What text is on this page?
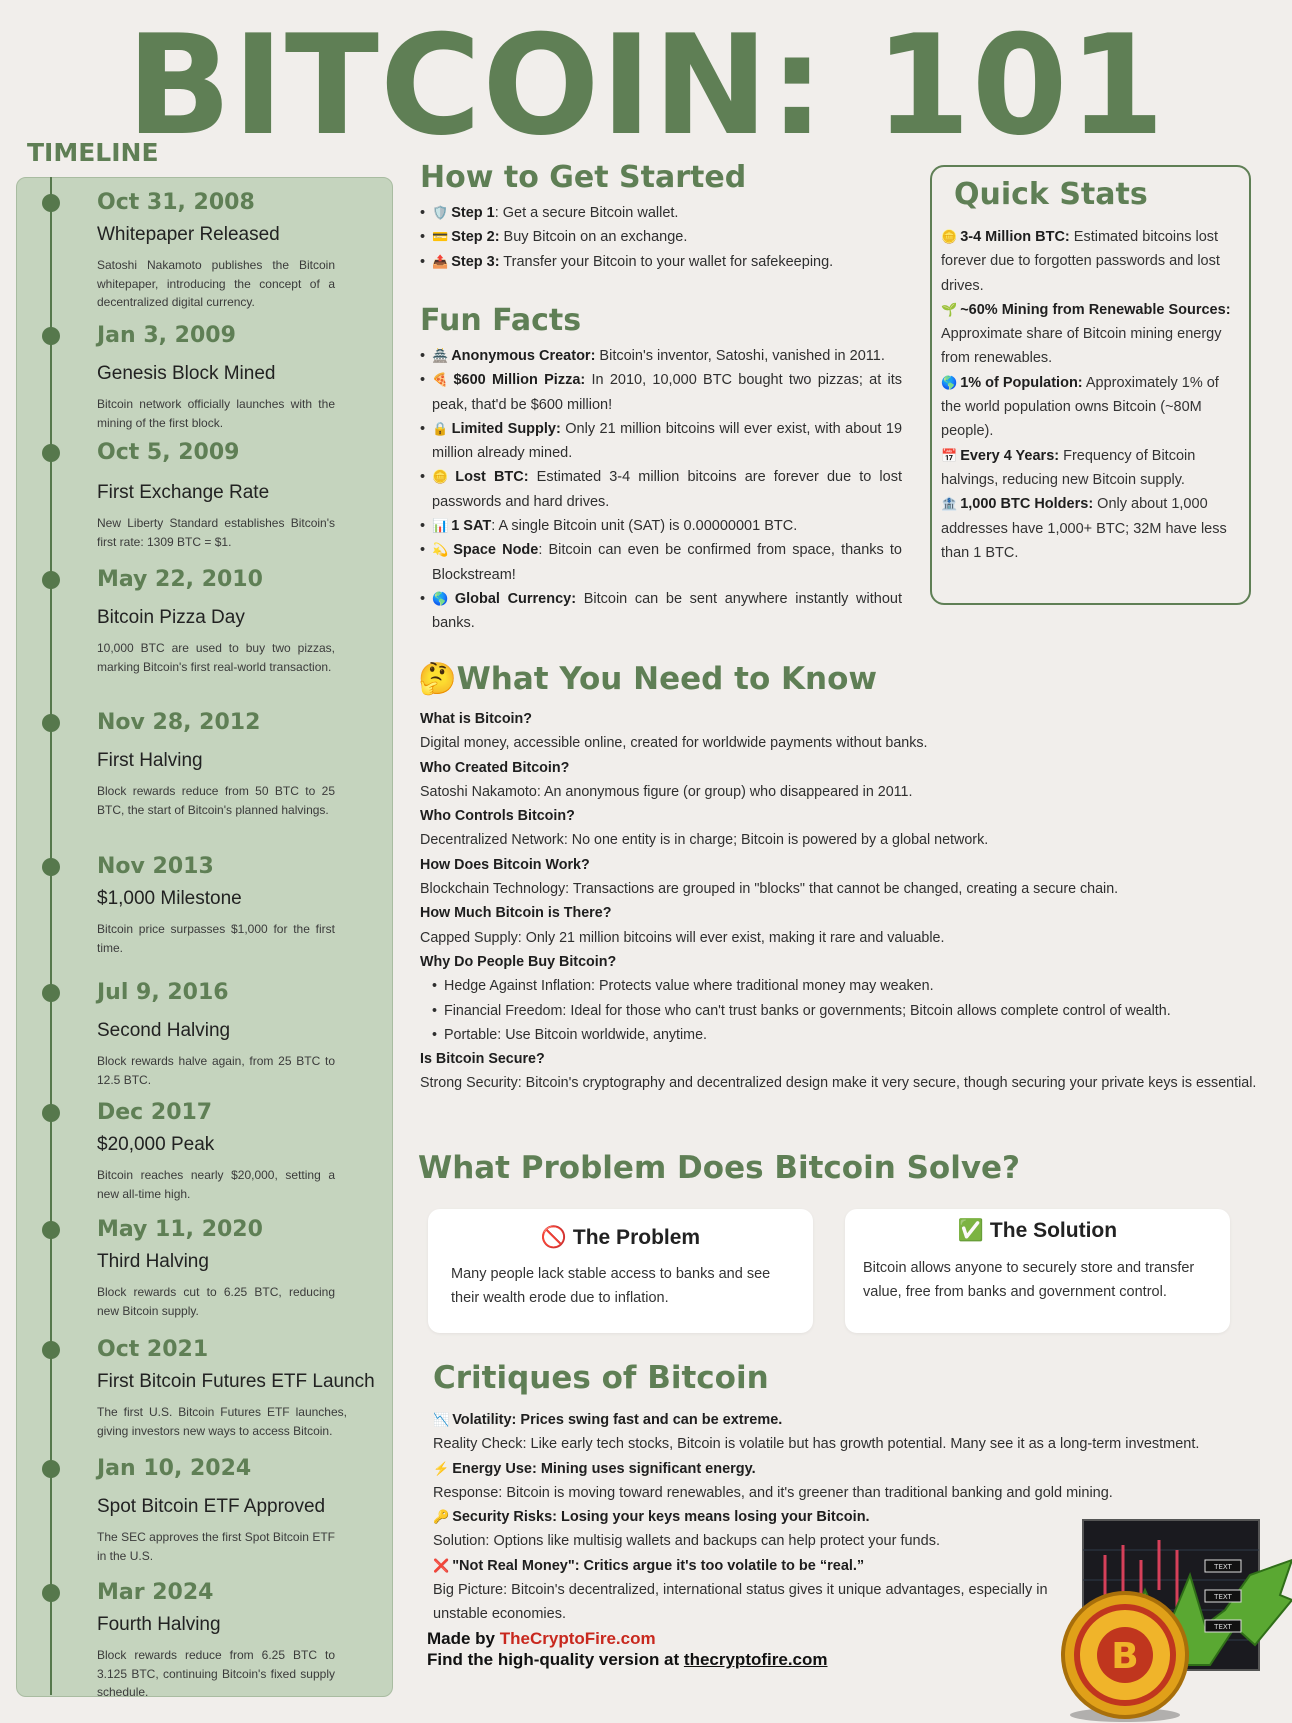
BITCOIN: 101
TIMELINE
Oct 31, 2008
Whitepaper Released
Satoshi Nakamoto publishes the Bitcoin whitepaper, introducing the concept of a decentralized digital currency.
Jan 3, 2009
Genesis Block Mined
Bitcoin network officially launches with the mining of the first block.
Oct 5, 2009
First Exchange Rate
New Liberty Standard establishes Bitcoin's first rate: 1309 BTC = $1.
May 22, 2010
Bitcoin Pizza Day
10,000 BTC are used to buy two pizzas, marking Bitcoin's first real-world transaction.
Nov 28, 2012
First Halving
Block rewards reduce from 50 BTC to 25 BTC, the start of Bitcoin's planned halvings.
Nov 2013
$1,000 Milestone
Bitcoin price surpasses $1,000 for the first time.
Jul 9, 2016
Second Halving
Block rewards halve again, from 25 BTC to 12.5 BTC.
Dec 2017
$20,000 Peak
Bitcoin reaches nearly $20,000, setting a new all-time high.
May 11, 2020
Third Halving
Block rewards cut to 6.25 BTC, reducing new Bitcoin supply.
Oct 2021
First Bitcoin Futures ETF Launch
The first U.S. Bitcoin Futures ETF launches, giving investors new ways to access Bitcoin.
Jan 10, 2024
Spot Bitcoin ETF Approved
The SEC approves the first Spot Bitcoin ETF in the U.S.
Mar 2024
Fourth Halving
Block rewards reduce from 6.25 BTC to 3.125 BTC, continuing Bitcoin's fixed supply schedule.
How to Get Started
• 🛡️ Step 1: Get a secure Bitcoin wallet.
• 💳 Step 2: Buy Bitcoin on an exchange.
• 📤 Step 3: Transfer your Bitcoin to your wallet for safekeeping.
Fun Facts
• 🏯 Anonymous Creator: Bitcoin's inventor, Satoshi, vanished in 2011.
• 🍕 $600 Million Pizza: In 2010, 10,000 BTC bought two pizzas; at its peak, that'd be $600 million!
• 🔒 Limited Supply: Only 21 million bitcoins will ever exist, with about 19 million already mined.
• 🪙 Lost BTC: Estimated 3-4 million bitcoins are forever due to lost passwords and hard drives.
• 📊 1 SAT: A single Bitcoin unit (SAT) is 0.00000001 BTC.
• 💫 Space Node: Bitcoin can even be confirmed from space, thanks to Blockstream!
• 🌎 Global Currency: Bitcoin can be sent anywhere instantly without banks.
Quick Stats
🪙 3-4 Million BTC: Estimated bitcoins lost forever due to forgotten passwords and lost drives.
🌱 ~60% Mining from Renewable Sources: Approximate share of Bitcoin mining energy from renewables.
🌎 1% of Population: Approximately 1% of the world population owns Bitcoin (~80M people).
📅 Every 4 Years: Frequency of Bitcoin halvings, reducing new Bitcoin supply.
🏦 1,000 BTC Holders: Only about 1,000 addresses have 1,000+ BTC; 32M have less than 1 BTC.
🤔What You Need to Know
What is Bitcoin?
Digital money, accessible online, created for worldwide payments without banks.
Who Created Bitcoin?
Satoshi Nakamoto: An anonymous figure (or group) who disappeared in 2011.
Who Controls Bitcoin?
Decentralized Network: No one entity is in charge; Bitcoin is powered by a global network.
How Does Bitcoin Work?
Blockchain Technology: Transactions are grouped in "blocks" that cannot be changed, creating a secure chain.
How Much Bitcoin is There?
Capped Supply: Only 21 million bitcoins will ever exist, making it rare and valuable.
Why Do People Buy Bitcoin?
• Hedge Against Inflation: Protects value where traditional money may weaken.
• Financial Freedom: Ideal for those who can't trust banks or governments; Bitcoin allows complete control of wealth.
• Portable: Use Bitcoin worldwide, anytime.
Is Bitcoin Secure?
Strong Security: Bitcoin's cryptography and decentralized design make it very secure, though securing your private keys is essential.
What Problem Does Bitcoin Solve?
🚫 The Problem
Many people lack stable access to banks and see their wealth erode due to inflation.
✅ The Solution
Bitcoin allows anyone to securely store and transfer value, free from banks and government control.
Critiques of Bitcoin
📉 Volatility: Prices swing fast and can be extreme.
Reality Check: Like early tech stocks, Bitcoin is volatile but has growth potential. Many see it as a long-term investment.
⚡ Energy Use: Mining uses significant energy.
Response: Bitcoin is moving toward renewables, and it's greener than traditional banking and gold mining.
🔑 Security Risks: Losing your keys means losing your Bitcoin.
Solution: Options like multisig wallets and backups can help protect your funds.
❌ "Not Real Money": Critics argue it's too volatile to be “real.”
Big Picture: Bitcoin's decentralized, international status gives it unique advantages, especially in unstable economies.
Made by TheCryptoFire.com
Find the high-quality version at thecryptofire.com
TEXT
TEXT
TEXT
B
